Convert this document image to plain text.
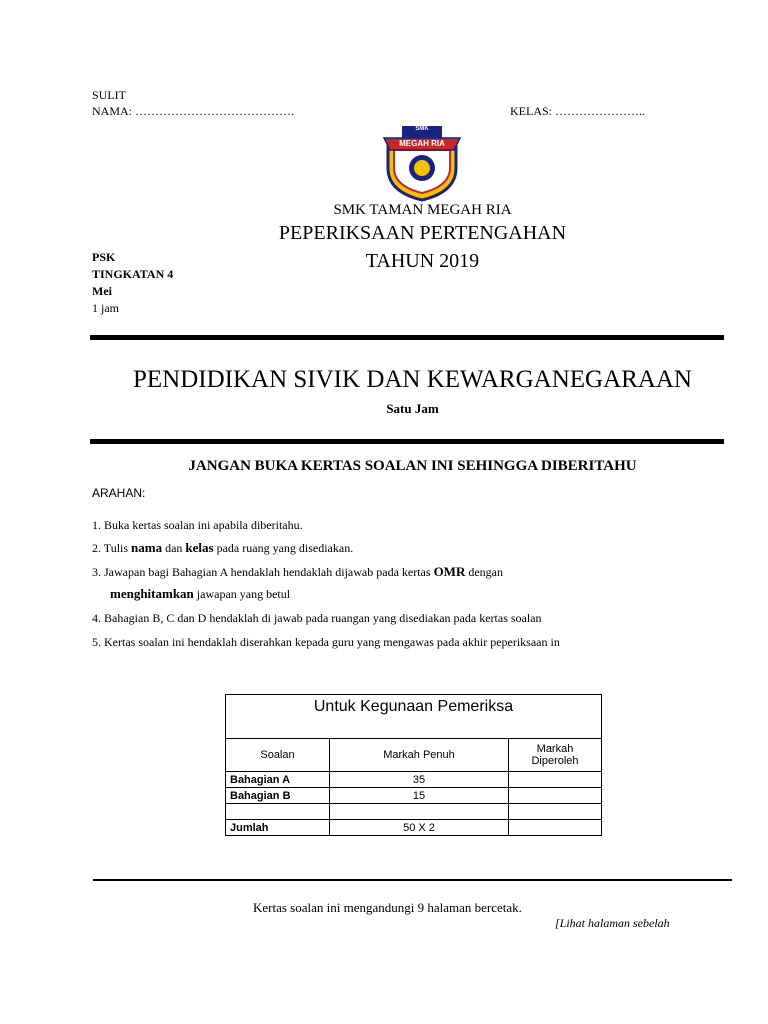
SULIT
NAMA: ………………………………….	KELAS: …………………..
SMK
MEGAH RIA
SMK TAMAN MEGAH RIA
PEPERIKSAAN PERTENGAHAN
TAHUN 2019
PSK
TINGKATAN 4
Mei
1 jam
PENDIDIKAN SIVIK DAN KEWARGANEGARAAN
Satu Jam
JANGAN BUKA KERTAS SOALAN INI SEHINGGA DIBERITAHU
ARAHAN:
1. Buka kertas soalan ini apabila diberitahu.
2. Tulis nama dan kelas pada ruang yang disediakan.
3. Jawapan bagi Bahagian A hendaklah hendaklah dijawab pada kertas OMR dengan
menghitamkan jawapan yang betul
4. Bahagian B, C dan D hendaklah di jawab pada ruangan yang disediakan pada kertas soalan
5. Kertas soalan ini hendaklah diserahkan kepada guru yang mengawas pada akhir peperiksaan in
Untuk Kegunaan Pemeriksa		
Soalan	Markah Penuh	Markah Diperoleh
Bahagian A	35	
Bahagian B	15	

Jumlah	50 X 2	
Kertas soalan ini mengandungi 9 halaman bercetak.
[Lihat halaman sebelah
